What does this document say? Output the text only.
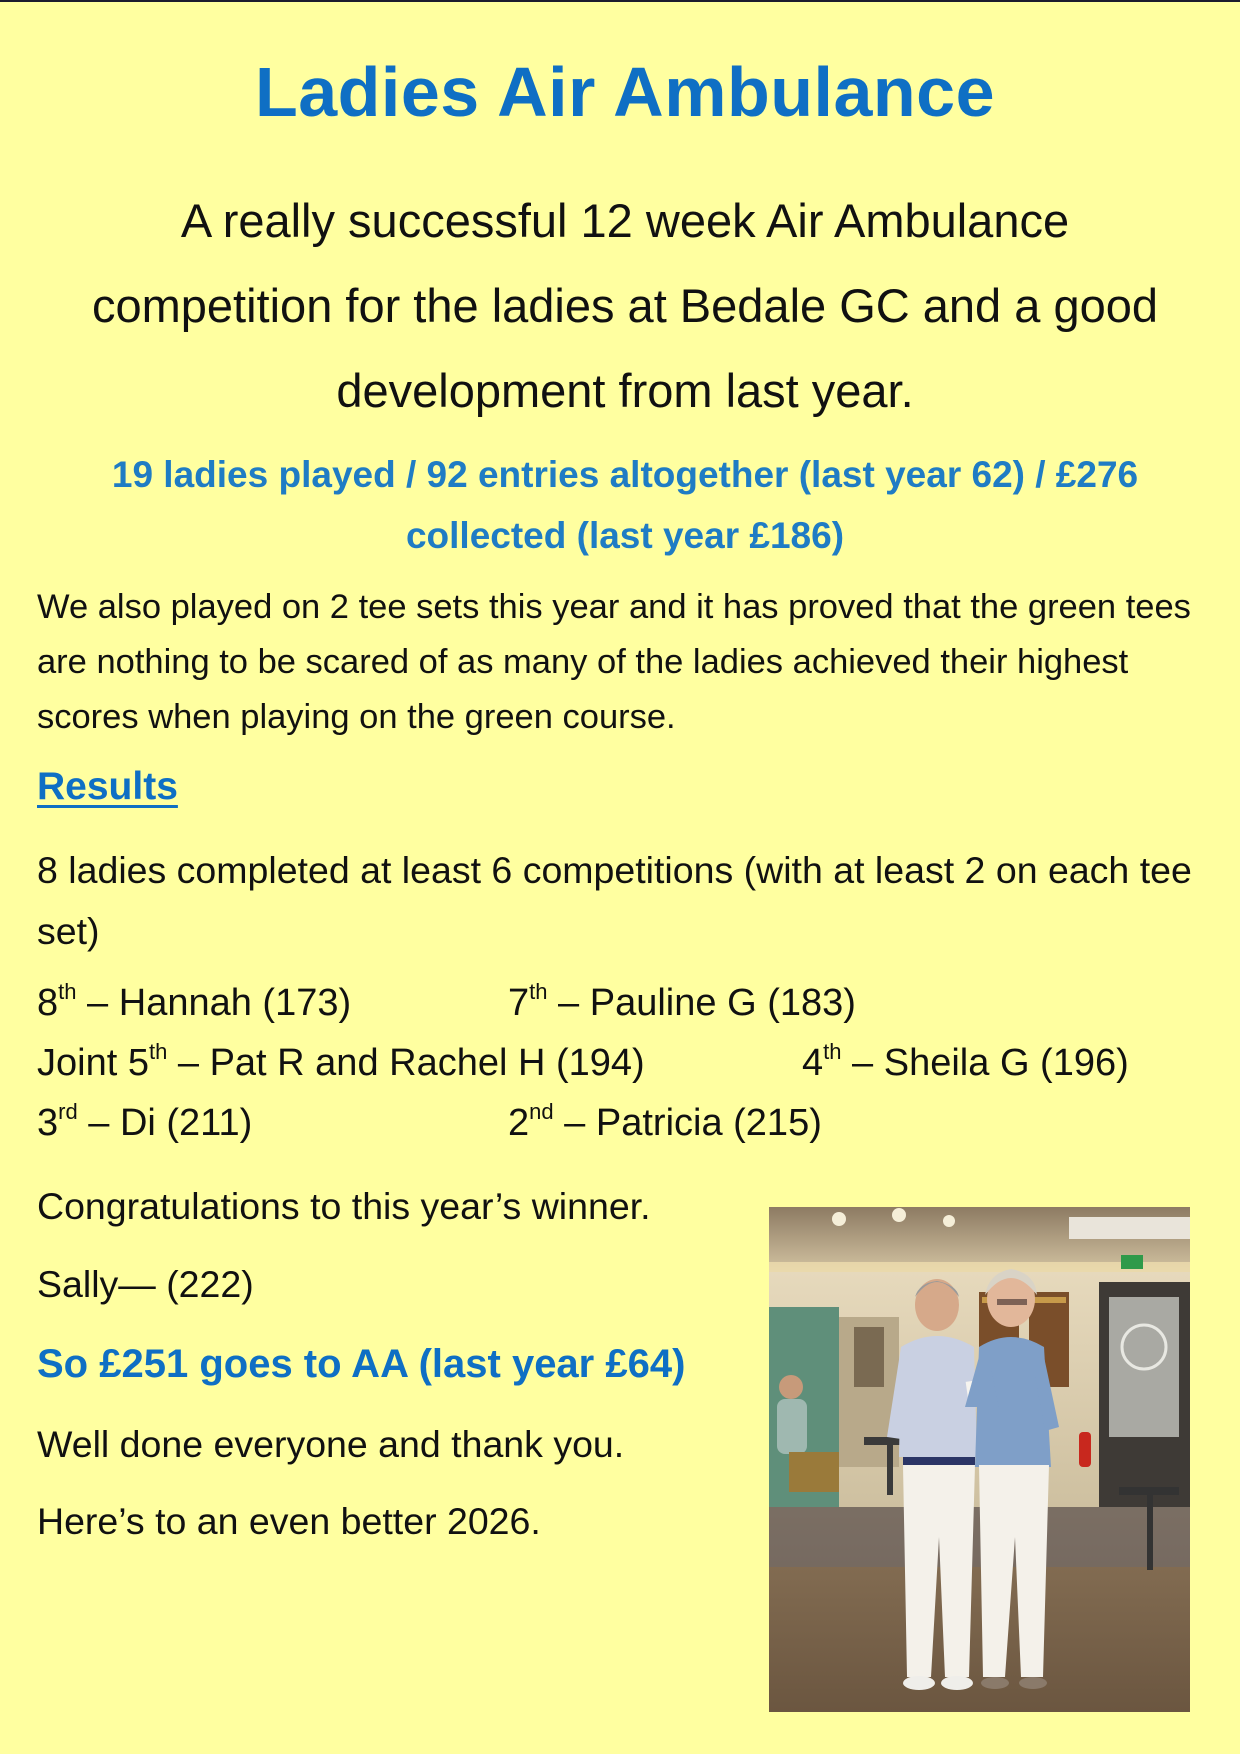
Ladies Air Ambulance
A really successful 12 week Air Ambulance competition for the ladies at Bedale GC and a good development from last year.
19 ladies played / 92 entries altogether (last year 62) / £276
collected (last year £186)
We also played on 2 tee sets this year and it has proved that the green tees are nothing to be scared of as many of the ladies achieved their highest scores when playing on the green course.
Results
8 ladies completed at least 6 competitions (with at least 2 on each tee set)
8th – Hannah (173)	7th – Pauline G (183)
Joint 5th – Pat R and Rachel H (194)	4th – Sheila G (196)
3rd – Di (211)	2nd – Patricia (215)
Congratulations to this year’s winner.
Sally— (222)
So £251 goes to AA (last year £64)
Well done everyone and thank you.
Here’s to an even better 2026.
